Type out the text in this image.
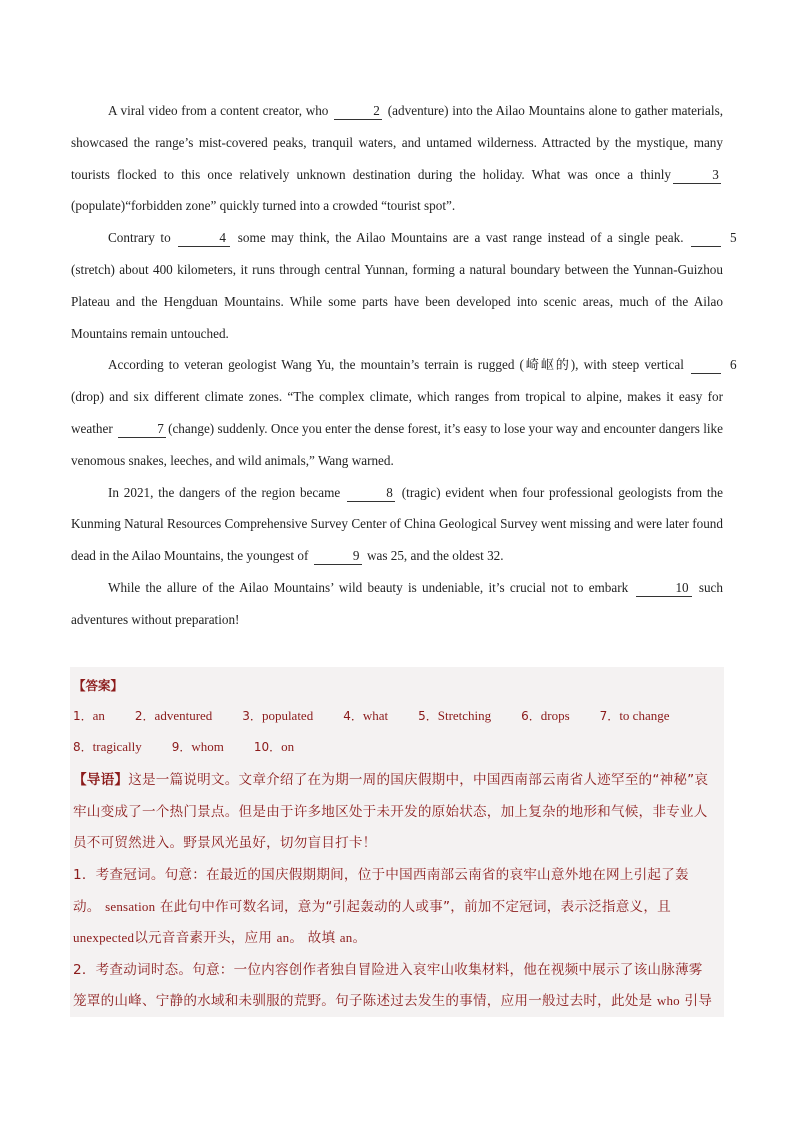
A viral video from a content creator, who	2 (adventure) into the Ailao Mountains alone to gather materials, showcased the range’s mist-covered peaks, tranquil waters, and untamed wilderness. Attracted by the mystique, many tourists flocked to this once relatively unknown destination during the holiday. What was once a thinly	3(populate)“forbidden zone” quickly turned into a crowded “tourist spot”.

Contrary to	4 some may think, the Ailao Mountains are a vast range instead of a single peak.	5 (stretch) about 400 kilometers, it runs through central Yunnan, forming a natural boundary between the Yunnan-Guizhou Plateau and the Hengduan Mountains. While some parts have been developed into scenic areas, much of the Ailao Mountains remain untouched.

According to veteran geologist Wang Yu, the mountain’s terrain is rugged (崎岖的), with steep vertical	6 (drop) and six different climate zones. “The complex climate, which ranges from tropical to alpine, makes it easy for weather	7 (change) suddenly. Once you enter the dense forest, it’s easy to lose your way and encounter dangers like venomous snakes, leeches, and wild animals,” Wang warned.

In 2021, the dangers of the region became	8 (tragic) evident when four professional geologists from the Kunming Natural Resources Comprehensive Survey Center of China Geological Survey went missing and were later found dead in the Ailao Mountains, the youngest of	9 was 25, and the oldest 32.

While the allure of the Ailao Mountains’ wild beauty is undeniable, it’s crucial not to embark	10 such adventures without preparation!

【答案】
1．an 2．adventured 3．populated 4．what 5．Stretching 6．drops 7．to change
8．tragically 9．whom 10．on
【导语】这是一篇说明文。文章介绍了在为期一周的国庆假期中，中国西南部云南省人迹罕至的“神秘”哀
牢山变成了一个热门景点。但是由于许多地区处于未开发的原始状态，加上复杂的地形和气候，非专业人
员不可贸然进入。野景风光虽好，切勿盲目打卡！
1．考查冠词。句意：在最近的国庆假期期间，位于中国西南部云南省的哀牢山意外地在网上引起了轰
动。 sensation 在此句中作可数名词，意为“引起轰动的人或事”，前加不定冠词，表示泛指意义，且
unexpected以元音音素开头，应用 an。 故填 an。
2．考查动词时态。句意：一位内容创作者独自冒险进入哀牢山收集材料，他在视频中展示了该山脉薄雾
笼罩的山峰、宁静的水域和未驯服的荒野。句子陈述过去发生的事情，应用一般过去时，此处是 who 引导
